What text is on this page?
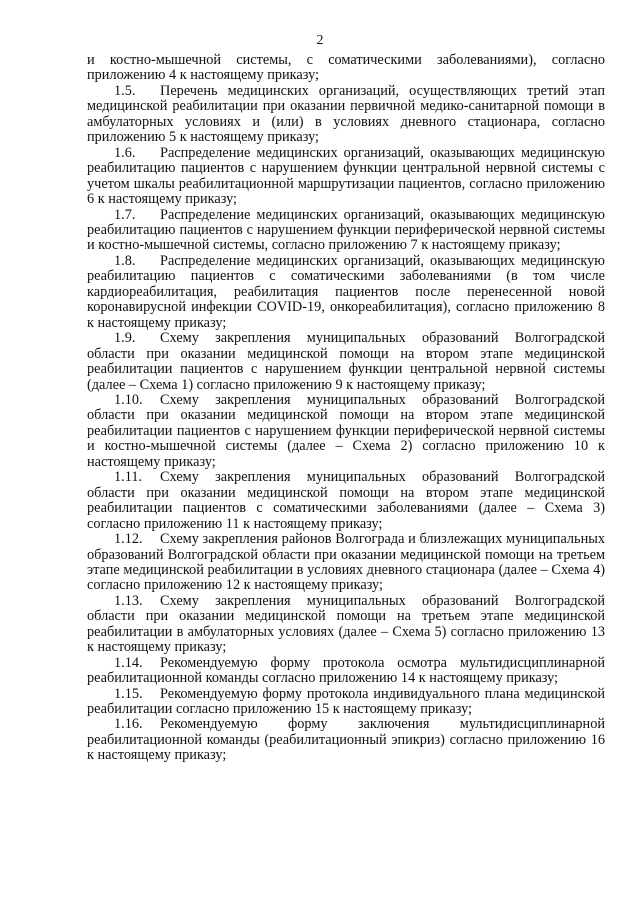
2

и костно-мышечной системы, с соматическими заболеваниями), согласно приложению 4 к настоящему приказу;

1.5. Перечень медицинских организаций, осуществляющих третий этап медицинской реабилитации при оказании первичной медико-санитарной помощи в амбулаторных условиях и (или) в условиях дневного стационара, согласно приложению 5 к настоящему приказу;

1.6. Распределение медицинских организаций, оказывающих медицинскую реабилитацию пациентов с нарушением функции центральной нервной системы с учетом шкалы реабилитационной маршрутизации пациентов, согласно приложению 6 к настоящему приказу;

1.7. Распределение медицинских организаций, оказывающих медицинскую реабилитацию пациентов с нарушением функции периферической нервной системы и костно-мышечной системы, согласно приложению 7 к настоящему приказу;

1.8. Распределение медицинских организаций, оказывающих медицинскую реабилитацию пациентов с соматическими заболеваниями (в том числе кардиореабилитация, реабилитация пациентов после перенесенной новой коронавирусной инфекции COVID-19, онкореабилитация), согласно приложению 8 к настоящему приказу;

1.9. Схему закрепления муниципальных образований Волгоградской области при оказании медицинской помощи на втором этапе медицинской реабилитации пациентов с нарушением функции центральной нервной системы (далее – Схема 1) согласно приложению 9 к настоящему приказу;

1.10. Схему закрепления муниципальных образований Волгоградской области при оказании медицинской помощи на втором этапе медицинской реабилитации пациентов с нарушением функции периферической нервной системы и костно-мышечной системы (далее – Схема 2) согласно приложению 10 к настоящему приказу;

1.11. Схему закрепления муниципальных образований Волгоградской области при оказании медицинской помощи на втором этапе медицинской реабилитации пациентов с соматическими заболеваниями (далее – Схема 3) согласно приложению 11 к настоящему приказу;

1.12. Схему закрепления районов Волгограда и близлежащих муниципальных образований Волгоградской области при оказании медицинской помощи на третьем этапе медицинской реабилитации в условиях дневного стационара (далее – Схема 4) согласно приложению 12 к настоящему приказу;

1.13. Схему закрепления муниципальных образований Волгоградской области при оказании медицинской помощи на третьем этапе медицинской реабилитации в амбулаторных условиях (далее – Схема 5) согласно приложению 13 к настоящему приказу;

1.14. Рекомендуемую форму протокола осмотра мультидисциплинарной реабилитационной команды согласно приложению 14 к настоящему приказу;

1.15. Рекомендуемую форму протокола индивидуального плана медицинской реабилитации согласно приложению 15 к настоящему приказу;

1.16. Рекомендуемую форму заключения мультидисциплинарной реабилитационной команды (реабилитационный эпикриз) согласно приложению 16 к настоящему приказу;
